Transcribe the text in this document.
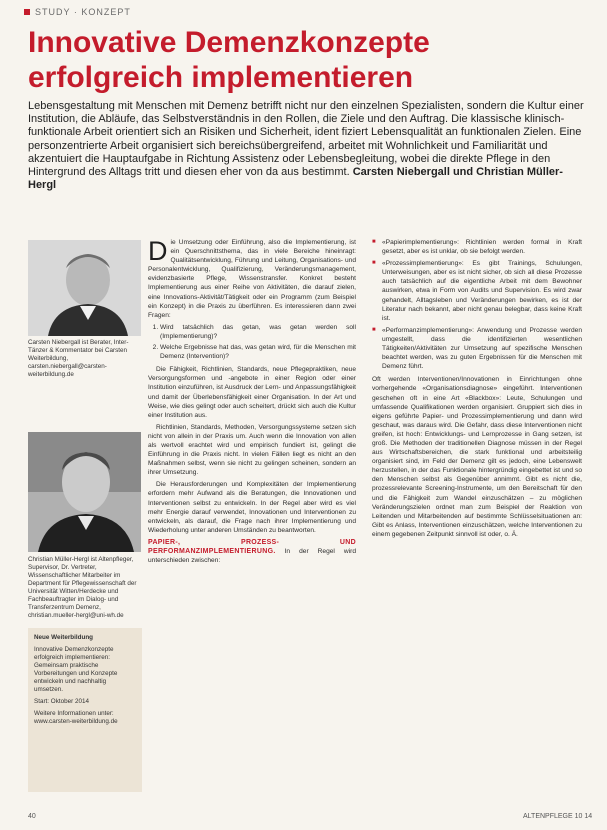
STUDY · KONZEPT
Innovative Demenzkonzepte erfolgreich implementieren

Lebensgestaltung mit Menschen mit Demenz betrifft nicht nur den einzelnen Spezialisten, sondern die Kultur einer Institution, die Abläufe, das Selbstverständnis in den Rollen, die Ziele und den Auftrag. Die klassische klinisch-funktionale Arbeit orientiert sich an Risiken und Sicherheit, ident fiziert Lebensqualität an funktionalen Zielen. Eine personzentrierte Arbeit organisiert sich bereichsübergreifend, arbeitet mit Wohnlichkeit und Familiarität und akzentuiert die Hauptaufgabe in Richtung Assistenz oder Lebensbegleitung, wobei die direkte Pflege in den Hintergrund des Alltags tritt und diesen eher von da aus bestimmt. Carsten Niebergall und Christian Müller-Hergl

Carsten Niebergall ist Berater, Inter-Tänzer & Kommentator bei Carsten Weiterbildung, carsten.niebergall@carsten-weiterbildung.de

Christian Müller-Hergl ist Altenpfleger, Supervisor, Dr. Vertreter, Wissenschaftlicher Mitarbeiter im Department für Pflegewissenschaft der Universität Witten/Herdecke und Fachbeauftragter im Dialog- und Transferzentrum Demenz, christian.mueller-hergl@uni-wh.de

Neue Weiterbildung

Innovative Demenzkonzepte erfolgreich implementieren: Gemeinsam praktische Vorbereitungen und Konzepte entwickeln und nachhaltig umsetzen.

Start: Oktober 2014

Weitere Informationen unter: www.carsten-weiterbildung.de

Die Umsetzung oder Einführung, also die Implementierung, ist ein Querschnittsthema, das in viele Bereiche hineinragt: Qualitätsentwicklung, Führung und Leitung, Organisations- und Personalentwicklung, Qualifizierung, Veränderungsmanagement, evidenzbasierte Pflege, Wissenstransfer. Konkret besteht Implementierung aus einer Reihe von Aktivitäten, die darauf zielen, eine Innovations-Aktivität/Tätigkeit oder ein Programm (zum Beispiel ein Konzept) in die Praxis zu überführen. Es interessieren dann zwei Fragen:

1. Wird tatsächlich das getan, was getan werden soll (Implementierung)?
2. Welche Ergebnisse hat das, was getan wird, für die Menschen mit Demenz (Intervention)?

Die Fähigkeit, Richtlinien, Standards, neue Pflegepraktiken, neue Versorgungsformen und -angebote in einer Region oder einer Institution einzuführen, ist Ausdruck der Lern- und Anpassungsfähigkeit und damit der Überlebensfähigkeit einer Organisation. In der Art und Weise, wie dies gelingt oder auch scheitert, drückt sich auch die Kultur einer Institution aus.

Richtlinien, Standards, Methoden, Versorgungssysteme setzen sich nicht von allein in der Praxis um. Auch wenn die Innovation von allen als wertvoll erachtet wird und empirisch fundiert ist, gelingt die Einführung in die Praxis nicht. In vielen Fällen liegt es nicht an den Maßnahmen selbst, wenn sie nicht zu gelingen scheinen, sondern an ihrer Umsetzung.

Die Herausforderungen und Komplexitäten der Implementierung erfordern mehr Aufwand als die Beratungen, die Innovationen und Interventionen selbst zu entwickeln. In der Regel aber wird es viel mehr Energie darauf verwendet, Innovationen und Interventionen zu entwickeln, als darauf, die Frage nach ihrer Implementierung und Wiederholung unter anderen Umständen zu beantworten.

PAPIER-, PROZESS- UND PERFORMANZIMPLEMENTIERUNG. In der Regel wird unterschieden zwischen:

■ «Papierimplementierung»: Richtlinien werden formal in Kraft gesetzt, aber es ist unklar, ob sie befolgt werden.
■ «Prozessimplementierung»: Es gibt Trainings, Schulungen, Unterweisungen, aber es ist nicht sicher, ob sich all diese Prozesse auch tatsächlich auf die eigentliche Arbeit mit dem Bewohner auswirken, etwa in Form von Audits und Supervision. Es wird zwar gehandelt, Alltagsleben und Veränderungen bewirken, es ist der Literatur nach bekannt, aber nicht genau belegbar, dass keine Kraft ist.
■ «Performanzimplementierung»: Anwendung und Prozesse werden umgestellt, dass die identifizierten wesentlichen Tätigkeiten/Aktivitäten zur Umsetzung auf spezifische Menschen beachtet werden, was zu guten Ergebnissen für die Menschen mit Demenz führt.

Oft werden Interventionen/Innovationen in Einrichtungen ohne vorhergehende «Organisationsdiagnose» eingeführt. Interventionen geschehen oft in eine Art «Blackbox»: Leute, Schulungen und umfassende Qualifikationen werden organisiert. Gruppiert sich dies in eigens geführte Papier- und Prozessimplementierung und dann wird geschaut, was daraus wird. Die Gefahr, dass diese Interventionen nicht greifen, ist hoch: Entwicklungs- und Lernprozesse in Gang setzen, ist groß. Die Methoden der traditionellen Diagnose müssen in der Regel aus Wirtschaftsbereichen, die stark funktional und arbeitsteilig organisiert sind, im Feld der Demenz gilt es jedoch, eine Lebenswelt herzustellen, in der das Funktionale hintergründig eingebettet ist und so den Menschen selbst als Gegenüber annimmt. Gibt es nicht die, prozessrelevante Screening-Instrumente, um den Bereitschaft für den und die Fähigkeit zum Wandel einzuschätzen – zu möglichen Veränderungszielen ordnet man zum Beispiel der Reaktion von Leitenden und Mitarbeitenden auf bestimmte Schlüsselsituationen an: Gibt es Anlass, Interventionen einzuschätzen, welche Interventionen zu einem gegebenen Zeitpunkt sinnvoll ist oder, o. Ä.

40	ALTENPFLEGE 10 14
